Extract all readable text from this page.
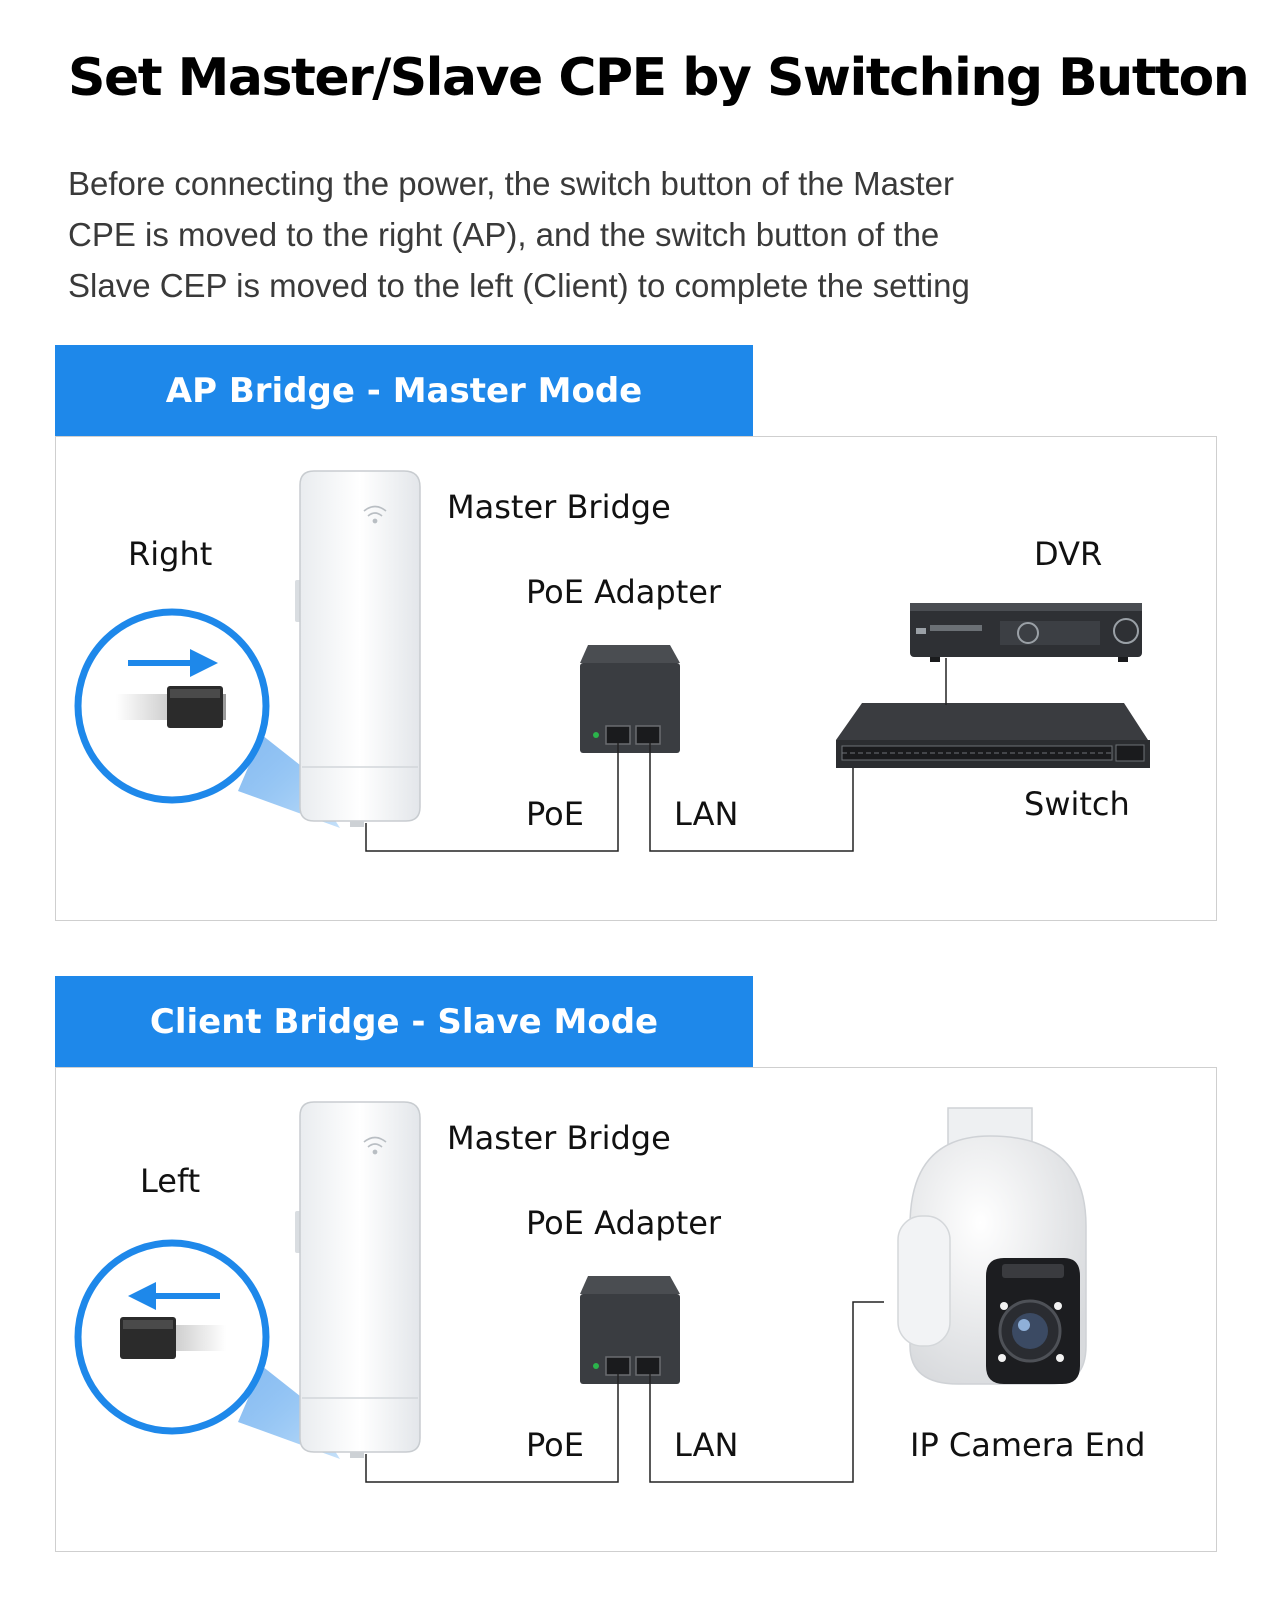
Set Master/Slave CPE by Switching Button
Before connecting the power, the switch button of the Master
CPE is moved to the right (AP), and the switch button of the
Slave CEP is moved to the left (Client) to complete the setting
AP Bridge - Master Mode
Right
Master Bridge
PoE Adapter
PoE	LAN
DVR
Switch
Client Bridge - Slave Mode
Left
Master Bridge
PoE Adapter
PoE	LAN	IP Camera End
